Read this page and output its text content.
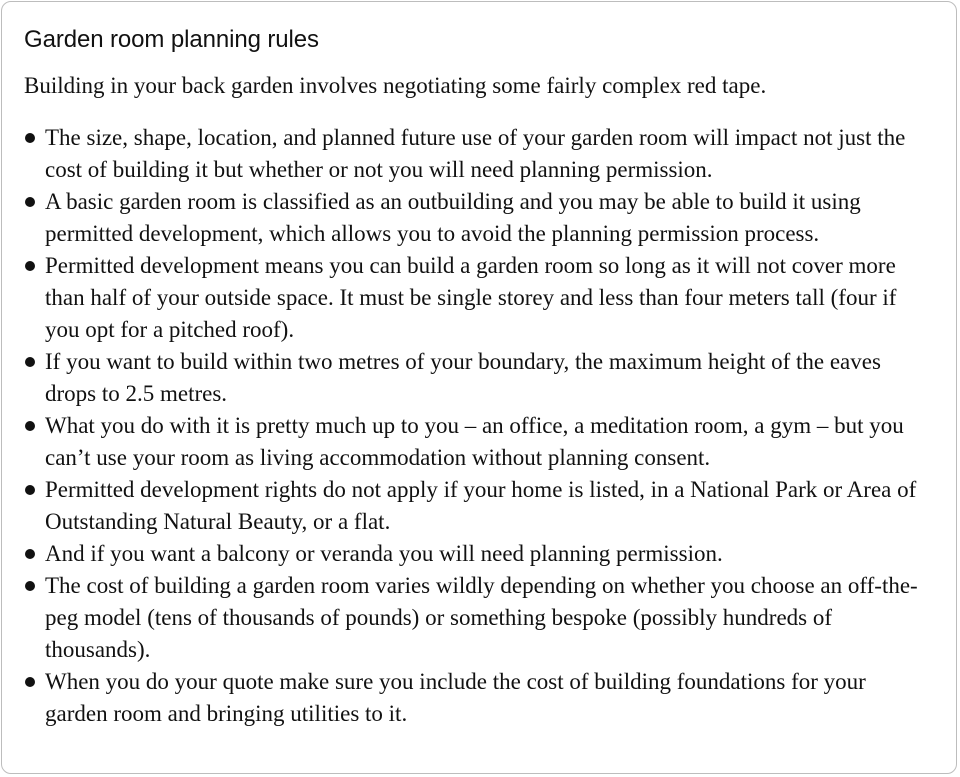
Garden room planning rules

Building in your back garden involves negotiating some fairly complex red tape.

The size, shape, location, and planned future use of your garden room will impact not just the cost of building it but whether or not you will need planning permission.
A basic garden room is classified as an outbuilding and you may be able to build it using permitted development, which allows you to avoid the planning permission process.
Permitted development means you can build a garden room so long as it will not cover more than half of your outside space. It must be single storey and less than four meters tall (four if you opt for a pitched roof).
If you want to build within two metres of your boundary, the maximum height of the eaves drops to 2.5 metres.
What you do with it is pretty much up to you – an office, a meditation room, a gym – but you can’t use your room as living accommodation without planning consent.
Permitted development rights do not apply if your home is listed, in a National Park or Area of Outstanding Natural Beauty, or a flat.
And if you want a balcony or veranda you will need planning permission.
The cost of building a garden room varies wildly depending on whether you choose an off-the-peg model (tens of thousands of pounds) or something bespoke (possibly hundreds of thousands).
When you do your quote make sure you include the cost of building foundations for your garden room and bringing utilities to it.
